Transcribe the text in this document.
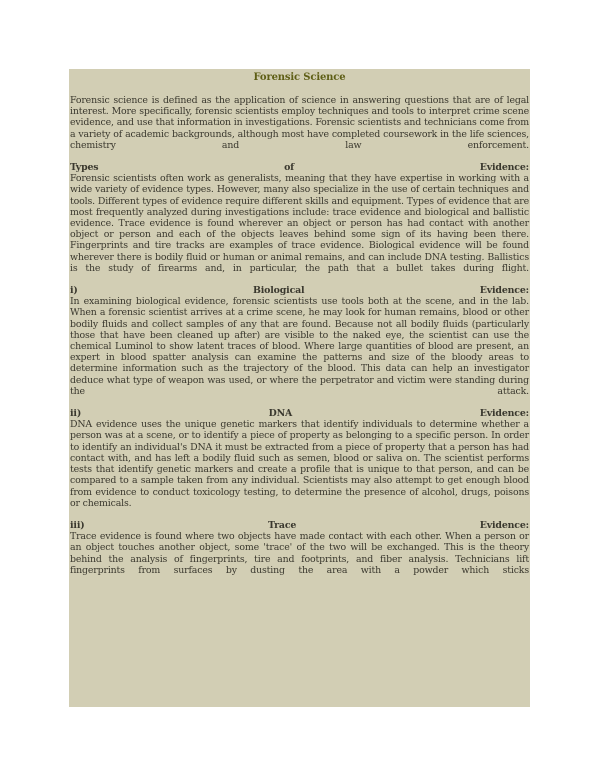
Forensic Science

Forensic science is defined as the application of science in answering questions that are of legal interest. More specifically, forensic scientists employ techniques and tools to interpret crime scene evidence, and use that information in investigations. Forensic scientists and technicians come from a variety of academic backgrounds, although most have completed coursework in the life sciences, chemistry and law enforcement.

Types	of	Evidence:

Forensic scientists often work as generalists, meaning that they have expertise in working with a wide variety of evidence types. However, many also specialize in the use of certain techniques and tools. Different types of evidence require different skills and equipment. Types of evidence that are most frequently analyzed during investigations include: trace evidence and biological and ballistic evidence. Trace evidence is found wherever an object or person has had contact with another object or person and each of the objects leaves behind some sign of its having been there. Fingerprints and tire tracks are examples of trace evidence. Biological evidence will be found wherever there is bodily fluid or human or animal remains, and can include DNA testing. Ballistics is the study of firearms and, in particular, the path that a bullet takes during flight.

i)	Biological	Evidence:

In examining biological evidence, forensic scientists use tools both at the scene, and in the lab. When a forensic scientist arrives at a crime scene, he may look for human remains, blood or other bodily fluids and collect samples of any that are found. Because not all bodily fluids (particularly those that have been cleaned up after) are visible to the naked eye, the scientist can use the chemical Luminol to show latent traces of blood. Where large quantities of blood are present, an expert in blood spatter analysis can examine the patterns and size of the bloody areas to determine information such as the trajectory of the blood. This data can help an investigator deduce what type of weapon was used, or where the perpetrator and victim were standing during the attack.

ii)	DNA	Evidence:

DNA evidence uses the unique genetic markers that identify individuals to determine whether a person was at a scene, or to identify a piece of property as belonging to a specific person. In order to identify an individual's DNA it must be extracted from a piece of property that a person has had contact with, and has left a bodily fluid such as semen, blood or saliva on. The scientist performs tests that identify genetic markers and create a profile that is unique to that person, and can be compared to a sample taken from any individual. Scientists may also attempt to get enough blood from evidence to conduct toxicology testing, to determine the presence of alcohol, drugs, poisons or chemicals.

iii)	Trace	Evidence:

Trace evidence is found where two objects have made contact with each other. When a person or an object touches another object, some 'trace' of the two will be exchanged. This is the theory behind the analysis of fingerprints, tire and footprints, and fiber analysis. Technicians lift fingerprints from surfaces by dusting the area with a powder which sticks
